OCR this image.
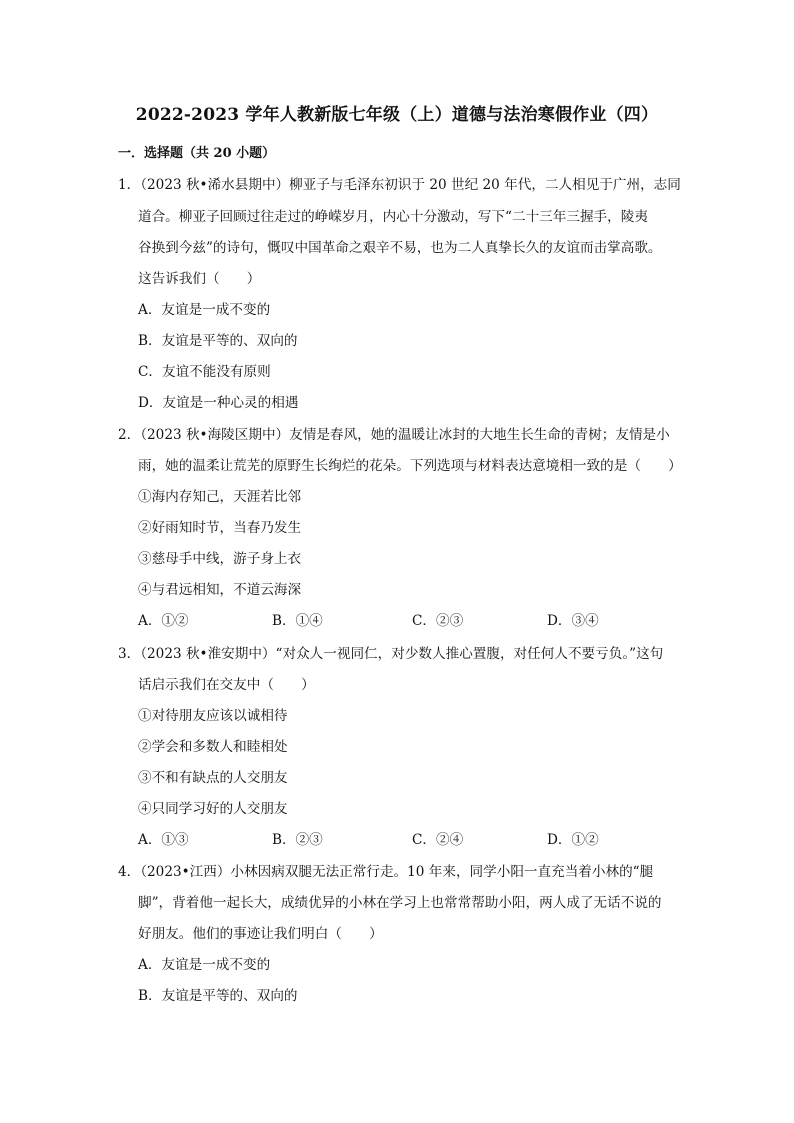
2022-2023 学年人教新版七年级（上）道德与法治寒假作业（四）
一．选择题（共 20 小题）
1．（2023 秋•浠水县期中）柳亚子与毛泽东初识于 20 世纪 20 年代，二人相见于广州，志同
道合。柳亚子回顾过往走过的峥嵘岁月，内心十分激动，写下“二十三年三握手，陵夷
谷换到今兹”的诗句，慨叹中国革命之艰辛不易，也为二人真挚长久的友谊而击掌高歌。
这告诉我们（　　）
A．友谊是一成不变的
B．友谊是平等的、双向的
C．友谊不能没有原则
D．友谊是一种心灵的相遇
2．（2023 秋•海陵区期中）友情是春风，她的温暖让冰封的大地生长生命的青树；友情是小
雨，她的温柔让荒芜的原野生长绚烂的花朵。下列选项与材料表达意境相一致的是（　　）
①海内存知己，天涯若比邻
②好雨知时节，当春乃发生
③慈母手中线，游子身上衣
④与君远相知，不道云海深
A．①②	B．①④	C．②③	D．③④
3．（2023 秋•淮安期中）“对众人一视同仁，对少数人推心置腹，对任何人不要亏负。”这句
话启示我们在交友中（　　）
①对待朋友应该以诚相待
②学会和多数人和睦相处
③不和有缺点的人交朋友
④只同学习好的人交朋友
A．①③	B．②③	C．②④	D．①②
4．（2023•江西）小林因病双腿无法正常行走。10 年来，同学小阳一直充当着小林的“腿
脚”，背着他一起长大，成绩优异的小林在学习上也常常帮助小阳，两人成了无话不说的
好朋友。他们的事迹让我们明白（　　）
A．友谊是一成不变的
B．友谊是平等的、双向的
